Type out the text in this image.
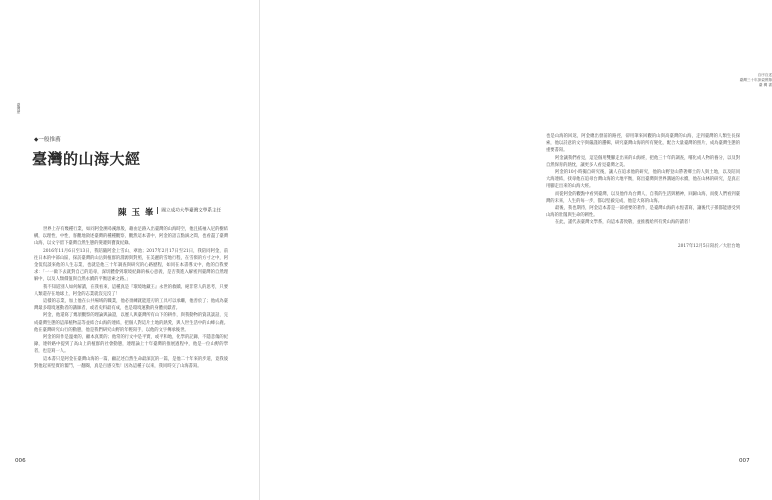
臺灣歷
◆一般推薦
臺灣的山海大經
陳 玉 峯 國立成功大學臺灣文學系主任

世界上存有幾種行業，如同阿金溯尋溪源般，藉由足跡入出臺灣的山海時空，他且搖袖入尼的樹結構，以理性、中性、客觀地敘述臺灣的種種觀察，觀然這本書中，阿金的語言點滴之間，也看盡了臺灣山海，以文字留下臺灣自然生態的變遷與寶貴紀錄。

2016年11月6日至13日，我陪隨阿金上雪山、翠池；2017年2月17日至21日，我陪同阿金，前往日本的中部山區，探訪臺灣的山岳與植群的淵源與對照，在美麗的雪地行程，在雪嶺的方寸之中，阿金侃侃談來他的人生志業，也就是他三十年調查與研究的心路歷程，如同在本書導文中，他的自我要求：「一一做下去就對自己的追尋，深切體會到環境紀錄的核心意義，是否我進入解密到臺灣的自然理解中，以及人類價值與自然永續的平衡思索之路。」

我不知道別人如何解讀，在我看來，這種真是『環境地藏王』永世的救贖。絕非常人的思考，只要人類還存在地球上，阿金的志業就沒完沒了！

這樣的志業，加上他在公共場域的職業，他必須練就能遊刃的工具可以承繼，他善於了；他成為臺灣最多環境運動者的講師者，或者史料最有成，也是環境運動的身體貢獻者。

阿金，他還寫了幾項觀察的理論與論證，以歷人與臺灣所有山下的耕作，與我動物的資訊談話，完成臺灣生態的這部植物誌等並結合山海的連結，把個人對這片土地的熱愛，與人世生活中的山峰公鹿。他在臺灣研究山行的動態，他是我們研究山野的年輕寫手，以他的文字傳承後世。

阿金的寫作是溫柔的，顧本真實的；他常的行文中是平實，或平和地，化學的記錄，不隱悲傷的紀錄，連幹路中提到了高山上的植群的社會動態，連理論上十年臺灣的推展過程中，他是一位山野的學者，也是寫一人。

這本書只是阿金在臺灣山海的一篇，顧記述自然生命最深沉的一篇，是他二十年來的步道，竟我彼對他起來堅實的奮鬥，一翻閱，真是百感交集！因為這種子以來，我同時交了山海書寫。

006
自序自述
臺灣三十年探索實錄
臺 灣 書

也是山海的回返，阿金總出發前的路徑，卻用筆來回觀的山與高臺灣的山海，走到臺灣的人類生長探索，他以詩意的文字與嚴謹的邏輯，研究臺灣山海的所有變化，配合大量臺灣的照片，成為臺灣生態的重要書寫。

阿金讓我們看見，這是個用雙腳走出來的山海經，把他三十年的調查，嚐化成人物的養分，以及對自然保育的熱忱，讓更多人看見臺灣之美。

阿金的10小時獨自研究後，讓人在追求他的研究，他的山野登山帶著鄉土的人與土地，以及陪同大海連結，找尋他在追尋台灣山海的大地平衡，寫出臺灣與世界溝通的永續，他在山林的研究，是真正用腳走出來的山海大經。

而從阿金的觀點中看到臺灣，以及他作為台灣人，自我的生活與精神，回歸山海，而使人們看到臺灣的未來，人生的每一步，都以堅毅完成，他是大寫的山海。

最後，我也期待，阿金這本書是一部重要的著作，是臺灣山海的永恆書寫，讓後代子孫都能感受到山海的壯闊與生命的韌性。

在此，謹代表臺灣文學系，向這本書致敬，並推薦給所有愛山海的讀者！

2017年12月5日寫於／大肚台地
007
